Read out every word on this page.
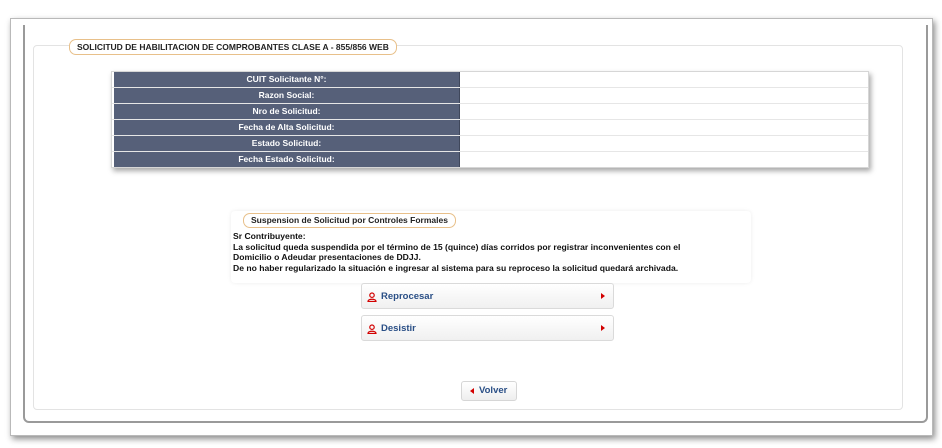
SOLICITUD DE HABILITACION DE COMPROBANTES CLASE A - 855/856 WEB
CUIT Solicitante N°:
Razon Social:
Nro de Solicitud:
Fecha de Alta Solicitud:
Estado Solicitud:
Fecha Estado Solicitud:
Suspension de Solicitud por Controles Formales
Sr Contribuyente:
La solicitud queda suspendida por el término de 15 (quince) días corridos por registrar inconvenientes con el
Domicilio o Adeudar presentaciones de DDJJ.
De no haber regularizado la situación e ingresar al sistema para su reproceso la solicitud quedará archivada.
Reprocesar
Desistir
Volver
